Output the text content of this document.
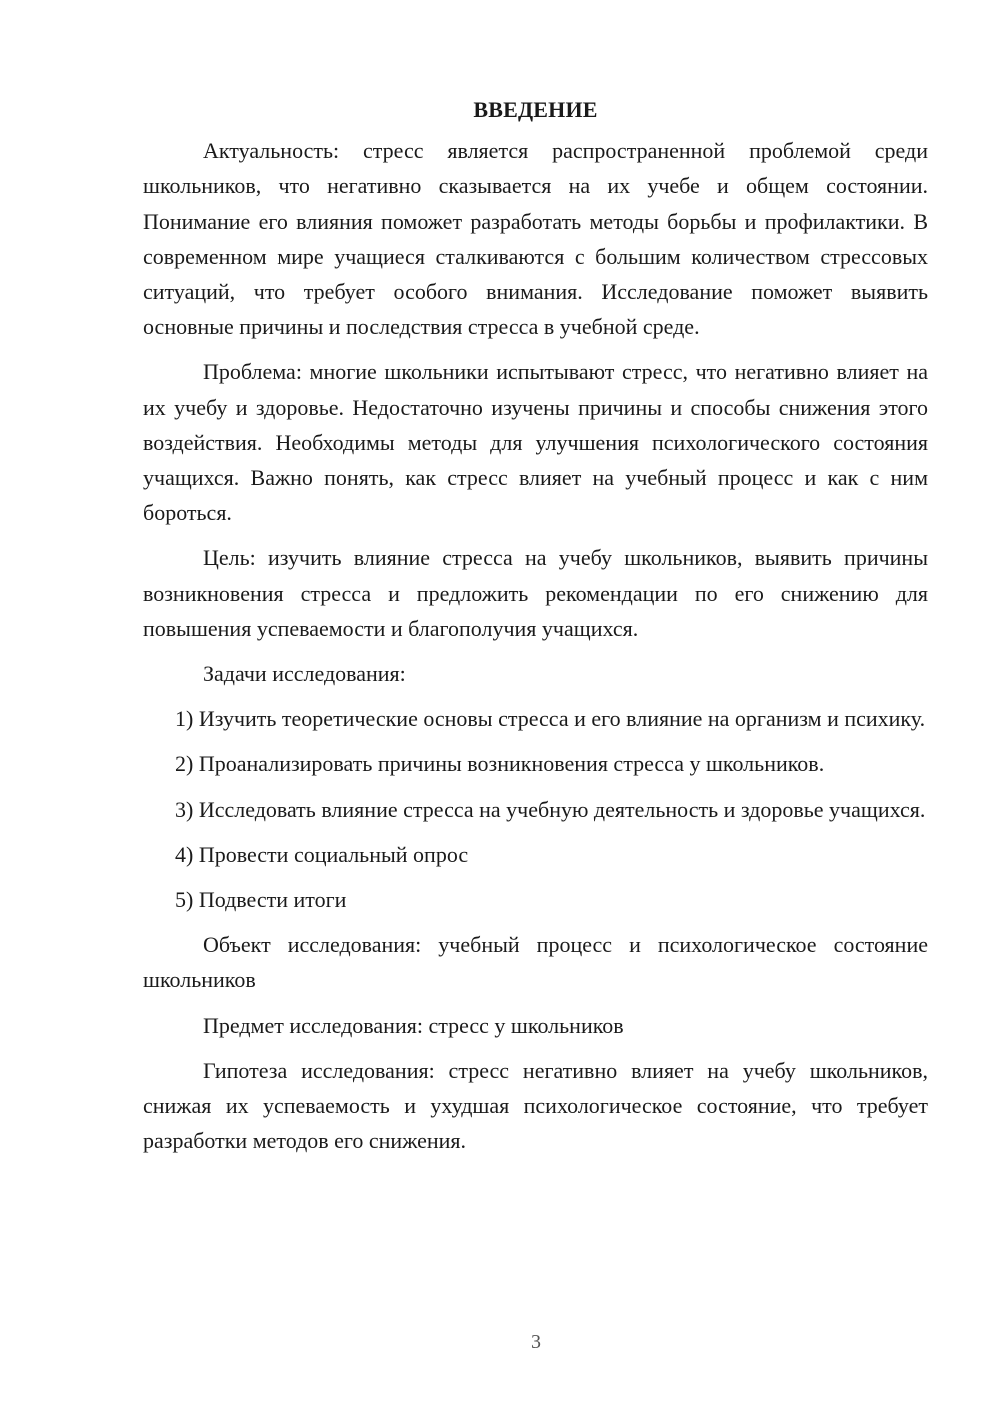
ВВЕДЕНИЕ

Актуальность: стресс является распространенной проблемой среди школьников, что негативно сказывается на их учебе и общем состоянии. Понимание его влияния поможет разработать методы борьбы и профилактики. В современном мире учащиеся сталкиваются с большим количеством стрессовых ситуаций, что требует особого внимания. Исследование поможет выявить основные причины и последствия стресса в учебной среде.

Проблема: многие школьники испытывают стресс, что негативно влияет на их учебу и здоровье. Недостаточно изучены причины и способы снижения этого воздействия. Необходимы методы для улучшения психологического состояния учащихся. Важно понять, как стресс влияет на учебный процесс и как с ним бороться.

Цель: изучить влияние стресса на учебу школьников, выявить причины возникновения стресса и предложить рекомендации по его снижению для повышения успеваемости и благополучия учащихся.

Задачи исследования:

1) Изучить теоретические основы стресса и его влияние на организм и психику.

2) Проанализировать причины возникновения стресса у школьников.

3) Исследовать влияние стресса на учебную деятельность и здоровье учащихся.

4) Провести социальный опрос

5) Подвести итоги

Объект исследования: учебный процесс и психологическое состояние школьников

Предмет исследования: стресс у школьников

Гипотеза исследования: стресс негативно влияет на учебу школьников, снижая их успеваемость и ухудшая психологическое состояние, что требует разработки методов его снижения.

3
